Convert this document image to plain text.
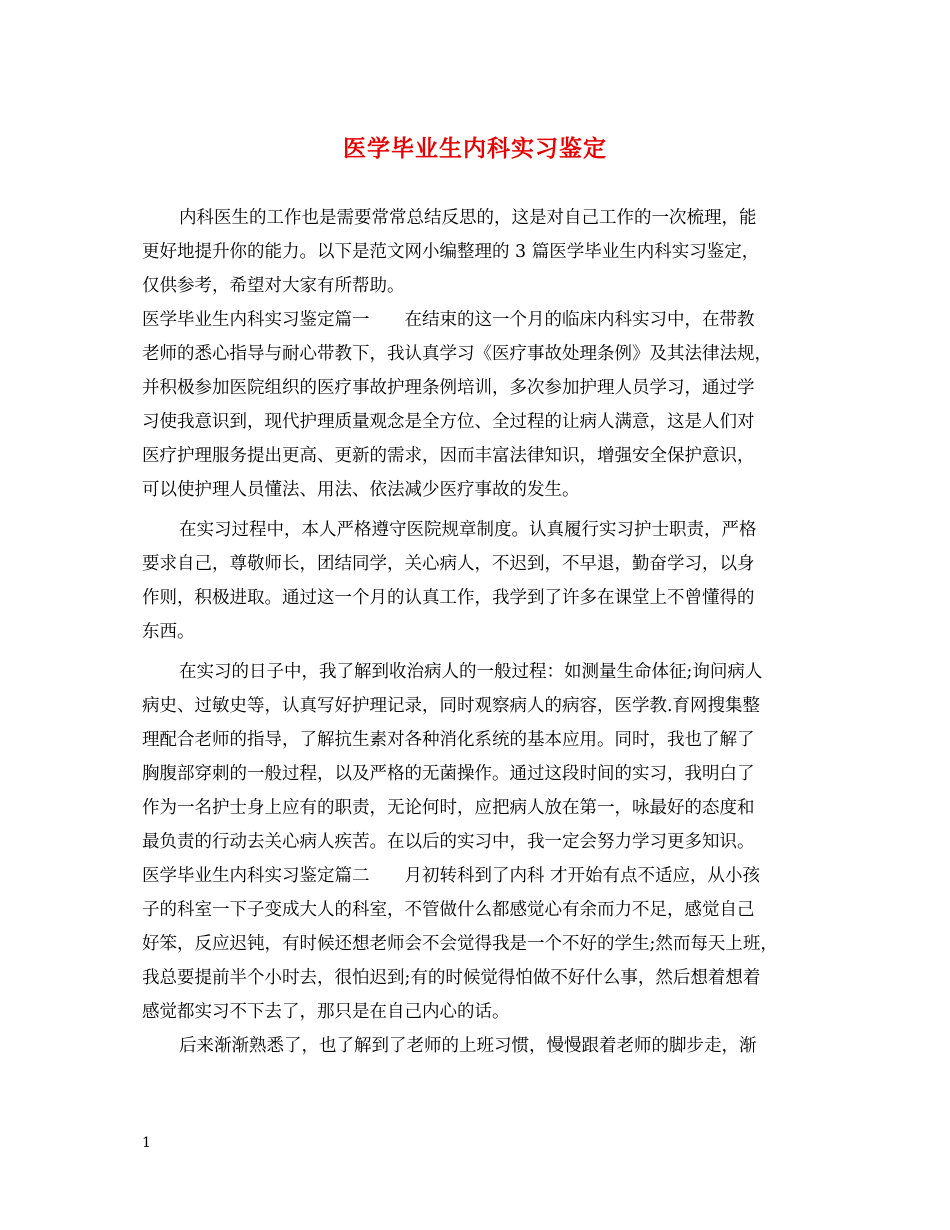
医学毕业生内科实习鉴定
内科医生的工作也是需要常常总结反思的，这是对自己工作的一次梳理，能
更好地提升你的能力。以下是范文网小编整理的 3 篇医学毕业生内科实习鉴定，
仅供参考，希望对大家有所帮助。
医学毕业生内科实习鉴定篇一　　在结束的这一个月的临床内科实习中，在带教
老师的悉心指导与耐心带教下，我认真学习《医疗事故处理条例》及其法律法规，
并积极参加医院组织的医疗事故护理条例培训，多次参加护理人员学习，通过学
习使我意识到，现代护理质量观念是全方位、全过程的让病人满意，这是人们对
医疗护理服务提出更高、更新的需求，因而丰富法律知识，增强安全保护意识，
可以使护理人员懂法、用法、依法减少医疗事故的发生。
在实习过程中，本人严格遵守医院规章制度。认真履行实习护士职责，严格
要求自己，尊敬师长，团结同学，关心病人，不迟到，不早退，勤奋学习，以身
作则，积极进取。通过这一个月的认真工作，我学到了许多在课堂上不曾懂得的
东西。
在实习的日子中，我了解到收治病人的一般过程：如测量生命体征;询问病人
病史、过敏史等，认真写好护理记录，同时观察病人的病容，医学教.育网搜集整
理配合老师的指导，了解抗生素对各种消化系统的基本应用。同时，我也了解了
胸腹部穿刺的一般过程，以及严格的无菌操作。通过这段时间的实习，我明白了
作为一名护士身上应有的职责，无论何时，应把病人放在第一，咏最好的态度和
最负责的行动去关心病人疾苦。在以后的实习中，我一定会努力学习更多知识。
医学毕业生内科实习鉴定篇二　　月初转科到了内科 才开始有点不适应，从小孩
子的科室一下子变成大人的科室，不管做什么都感觉心有余而力不足，感觉自己
好笨，反应迟钝，有时候还想老师会不会觉得我是一个不好的学生;然而每天上班，
我总要提前半个小时去，很怕迟到;有的时候觉得怕做不好什么事，然后想着想着
感觉都实习不下去了，那只是在自己内心的话。
后来渐渐熟悉了，也了解到了老师的上班习惯，慢慢跟着老师的脚步走，渐
1
